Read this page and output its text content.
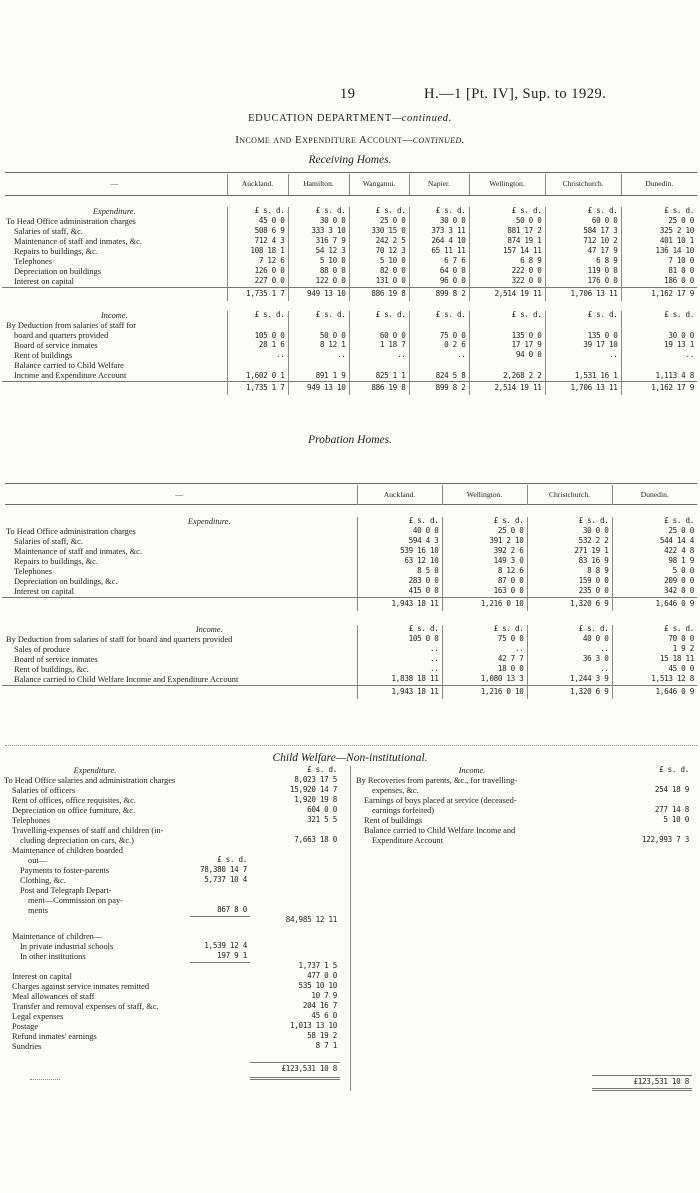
19	H.—1 [Pt. IV], Sup. to 1929.
EDUCATION DEPARTMENT—continued.
Income and Expenditure Account—continued.
Receiving Homes.
—	Auckland.	Hamilton.	Wanganui.	Napier.	Wellington.	Christchurch.	Dunedin.

Expenditure.	£ s. d.	£ s. d.	£ s. d.	£ s. d.	£ s. d.	£ s. d.	£ s. d.
To Head Office administration charges	45 0 0	30 0 0	25 0 0	30 0 0	50 0 0	60 0 0	25 0 0
Salaries of staff, &c.	508 6 9	333 3 10	330 15 0	373 3 11	881 17 2	584 17 3	325 2 10
Maintenance of staff and inmates, &c.	712 4 3	316 7 9	242 2 5	264 4 10	874 19 1	712 10 2	401 10 1
Repairs to buildings, &c.	108 18 1	54 12 3	70 12 3	65 11 11	157 14 11	47 17 9	136 14 10
Telephones	7 12 6	5 10 0	5 10 0	6 7 6	6 8 9	6 8 9	7 10 0
Depreciation on buildings	126 0 0	88 0 0	82 0 0	64 0 0	222 0 0	119 0 0	81 0 0
Interest on capital	227 0 0	122 0 0	131 0 0	96 0 0	322 0 0	176 0 0	186 0 0
	1,735 1 7	949 13 10	886 19 8	899 8 2	2,514 19 11	1,706 13 11	1,162 17 9

Income.	£ s. d.	£ s. d.	£ s. d.	£ s. d.	£ s. d.	£ s. d.	£ s. d.
By Deduction from salaries of staff for	105 0 0	50 0 0	60 0 0	75 0 0	135 0 0	135 0 0	30 0 0
board and quarters provided							
Board of service inmates	28 1 6	8 12 1	1 18 7	0 2 6	17 17 9	39 17 10	19 13 1
Rent of buildings	..	..	..	..	94 0 0	..	..
Balance carried to Child Welfare	1,602 0 1	891 1 9	825 1 1	824 5 8	2,268 2 2	1,531 16 1	1,113 4 8
Income and Expenditure Account							
	1,735 1 7	949 13 10	886 19 8	899 8 2	2,514 19 11	1,706 13 11	1,162 17 9
Probation Homes.
—	Auckland.	Wellington.	Christchurch.	Dunedin.

Expenditure.	£ s. d.	£ s. d.	£ s. d.	£ s. d.
To Head Office administration charges	40 0 0	25 0 0	30 0 0	25 0 0
Salaries of staff, &c.	594 4 3	391 2 10	532 2 2	544 14 4
Maintenance of staff and inmates, &c.	539 16 10	392 2 6	271 19 1	422 4 8
Repairs to buildings, &c.	63 12 10	149 3 0	83 16 9	98 1 9
Telephones	8 5 0	8 12 6	8 8 9	5 0 0
Depreciation on buildings, &c.	283 0 0	87 0 0	159 0 0	209 0 0
Interest on capital	415 0 0	163 0 0	235 0 0	342 0 0
	1,943 18 11	1,216 0 10	1,320 6 9	1,646 0 9

Income.	£ s. d.	£ s. d.	£ s. d.	£ s. d.
By Deduction from salaries of staff for board and quarters provided	105 0 0	75 0 0	40 0 0	70 0 0
Sales of produce	..	..	..	1 9 2
Board of service inmates	..	42 7 7	36 3 0	15 18 11
Rent of buildings, &c.	..	18 0 0	..	45 0 0
Balance carried to Child Welfare Income and Expenditure Account	1,838 18 11	1,080 13 3	1,244 3 9	1,513 12 8
	1,943 18 11	1,216 0 10	1,320 6 9	1,646 0 9
Child Welfare—Non-institutional.
Expenditure.		£ s. d.	
To Head Office salaries and administration charges		8,023 17 5	
Salaries of officers		15,920 14 7	
Rent of offices, office requisites, &c.		1,920 19 8	
Depreciation on office furniture, &c.		604 0 0	
Telephones		321 5 5	
Travelling-expenses of staff and children (in-			
cluding depreciation on cars, &c.)		7,663 18 0	
Maintenance of children boarded			
out—	£ s. d.		
Payments to foster-parents	78,380 14 7		
Clothing, &c.	5,737 10 4		
Post and Telegraph Depart-			
ment—Commission on pay-			
ments	867 8 0		
		84,985 12 11	

Maintenance of children—			
In private industrial schools	1,539 12 4		
In other institutions	197 9 1		
		1,737 1 5	
Interest on capital		477 0 0	
Charges against service inmates remitted		535 10 10	
Meal allowances of staff		10 7 9	
Transfer and removal expenses of staff, &c.		204 16 7	
Legal expenses		45 6 0	
Postage		1,013 13 10	
Refund inmates' earnings		58 19 2	
Sundries		8 7 1	

		£123,531 10 8	
Income.	£ s. d.	
By Recoveries from parents, &c., for travelling-		
expenses, &c.	254 18 9	
Earnings of boys placed at service (deceased-		
earnings forfeited)	277 14 8	
Rent of buildings	5 10 0	
Balance carried to Child Welfare Income and		
Expenditure Account	122,993 7 3	
£123,531 10 8
